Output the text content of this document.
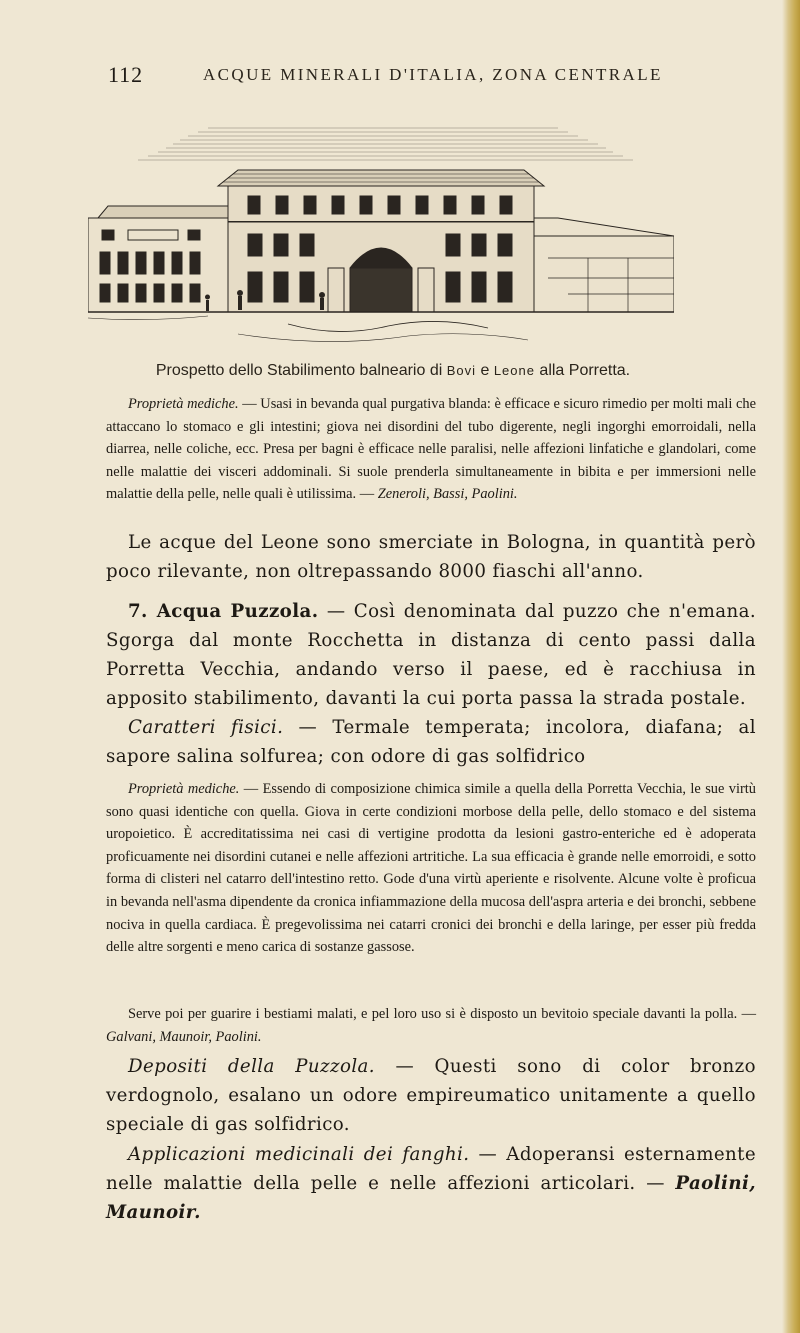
112	ACQUE MINERALI D'ITALIA, ZONA CENTRALE
Prospetto dello Stabilimento balneario di Bovi e Leone alla Porretta.

Proprietà mediche. — Usasi in bevanda qual purgativa blanda: è efficace e sicuro rimedio per molti mali che attaccano lo stomaco e gli intestini; giova nei disordini del tubo digerente, negli ingorghi emorroidali, nella diarrea, nelle coliche, ecc. Presa per bagni è efficace nelle paralisi, nelle affezioni linfatiche e glandolari, come nelle malattie dei visceri addominali. Si suole prenderla simultaneamente in bibita e per immersioni nelle malattie della pelle, nelle quali è utilissima. — Zeneroli, Bassi, Paolini.

Le acque del Leone sono smerciate in Bologna, in quantità però poco rilevante, non oltrepassando 8000 fiaschi all'anno.

7. Acqua Puzzola. — Così denominata dal puzzo che n'emana. Sgorga dal monte Rocchetta in distanza di cento passi dalla Porretta Vecchia, andando verso il paese, ed è racchiusa in apposito stabilimento, davanti la cui porta passa la strada postale.

Caratteri fisici. — Termale temperata; incolora, diafana; al sapore salina solfurea; con odore di gas solfidrico

Proprietà mediche. — Essendo di composizione chimica simile a quella della Porretta Vecchia, le sue virtù sono quasi identiche con quella. Giova in certe condizioni morbose della pelle, dello stomaco e del sistema uropoietico. È accreditatissima nei casi di vertigine prodotta da lesioni gastro-enteriche ed è adoperata proficuamente nei disordini cutanei e nelle affezioni artritiche. La sua efficacia è grande nelle emorroidi, e sotto forma di clisteri nel catarro dell'intestino retto. Gode d'una virtù aperiente e risolvente. Alcune volte è proficua in bevanda nell'asma dipendente da cronica infiammazione della mucosa dell'aspra arteria e dei bronchi, sebbene nociva in quella cardiaca. È pregevolissima nei catarri cronici dei bronchi e della laringe, per esser più fredda delle altre sorgenti e meno carica di sostanze gassose.

Serve poi per guarire i bestiami malati, e pel loro uso si è disposto un bevitoio speciale davanti la polla. — Galvani, Maunoir, Paolini.

Depositi della Puzzola. — Questi sono di color bronzo verdognolo, esalano un odore empireumatico unitamente a quello speciale di gas solfidrico.

Applicazioni medicinali dei fanghi. — Adoperansi esternamente nelle malattie della pelle e nelle affezioni articolari. — Paolini, Maunoir.
